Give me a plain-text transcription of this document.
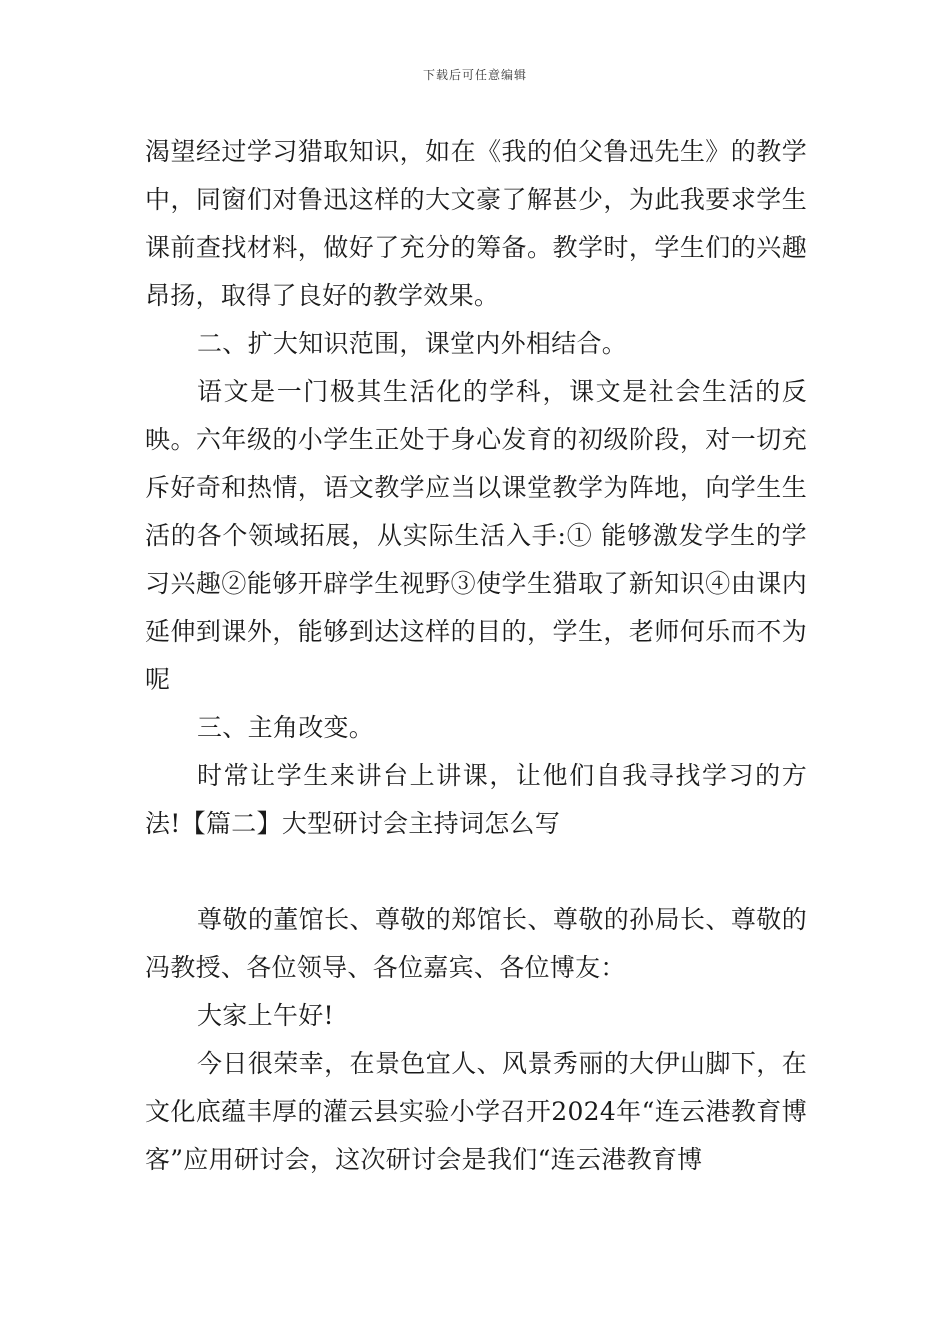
下载后可任意编辑

渴望经过学习猎取知识，如在《我的伯父鲁迅先生》的教学中，同窗们对鲁迅这样的大文豪了解甚少，为此我要求学生课前查找材料，做好了充分的筹备。教学时，学生们的兴趣昂扬，取得了良好的教学效果。

二、扩大知识范围，课堂内外相结合。

语文是一门极其生活化的学科，课文是社会生活的反映。六年级的小学生正处于身心发育的初级阶段，对一切充斥好奇和热情，语文教学应当以课堂教学为阵地，向学生生活的各个领域拓展，从实际生活入手:① 能够激发学生的学习兴趣②能够开辟学生视野③使学生猎取了新知识④由课内延伸到课外，能够到达这样的目的，学生，老师何乐而不为呢

三、主角改变。

时常让学生来讲台上讲课，让他们自我寻找学习的方法!【篇二】大型研讨会主持词怎么写

尊敬的董馆长、尊敬的郑馆长、尊敬的孙局长、尊敬的冯教授、各位领导、各位嘉宾、各位博友：

大家上午好!

今日很荣幸，在景色宜人、风景秀丽的大伊山脚下，在文化底蕴丰厚的灌云县实验小学召开2024年“连云港教育博客”应用研讨会，这次研讨会是我们“连云港教育博
